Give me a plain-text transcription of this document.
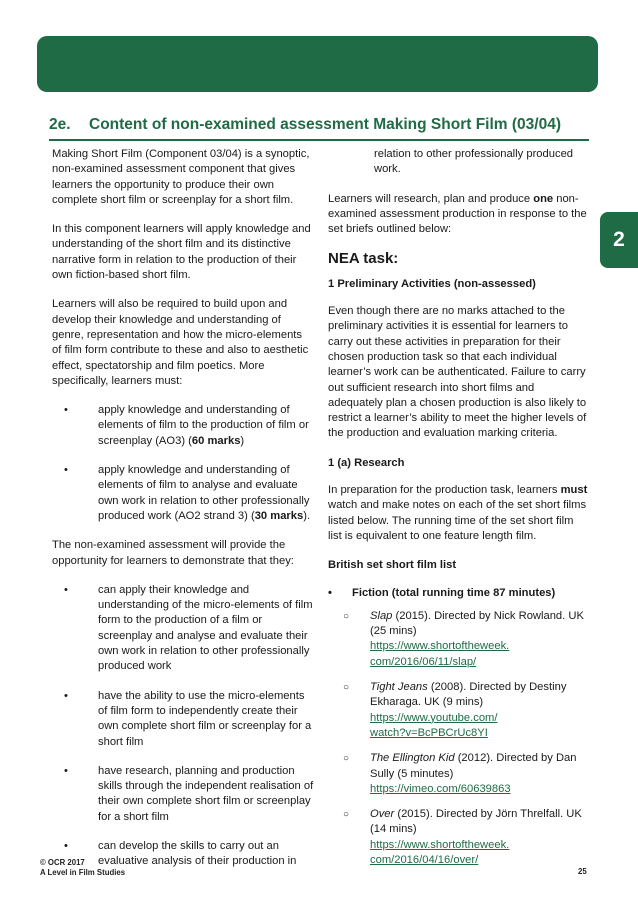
2e. Content of non-examined assessment Making Short Film (03/04)
2

Making Short Film (Component 03/04) is a synoptic, non-examined assessment component that gives learners the opportunity to produce their own complete short film or screenplay for a short film.

In this component learners will apply knowledge and understanding of the short film and its distinctive narrative form in relation to the production of their own fiction-based short film.

Learners will also be required to build upon and develop their knowledge and understanding of genre, representation and how the micro-elements of film form contribute to these and also to aesthetic effect, spectatorship and film poetics. More specifically, learners must:

•	apply knowledge and understanding of elements of film to the production of film or screenplay (AO3) (60 marks)
•	apply knowledge and understanding of elements of film to analyse and evaluate own work in relation to other professionally produced work (AO2 strand 3) (30 marks).

The non-examined assessment will provide the opportunity for learners to demonstrate that they:

•	can apply their knowledge and understanding of the micro-elements of film form to the production of a film or screenplay and analyse and evaluate their own work in relation to other professionally produced work
•	have the ability to use the micro-elements of film form to independently create their own complete short film or screenplay for a short film
•	have research, planning and production skills through the independent realisation of their own complete short film or screenplay for a short film
•	can develop the skills to carry out an evaluative analysis of their production in
relation to other professionally produced work.

Learners will research, plan and produce one non-examined assessment production in response to the set briefs outlined below:

NEA task:
1 Preliminary Activities (non-assessed)

Even though there are no marks attached to the preliminary activities it is essential for learners to carry out these activities in preparation for their chosen production task so that each individual learner’s work can be authenticated. Failure to carry out sufficient research into short films and adequately plan a chosen production is also likely to restrict a learner’s ability to meet the higher levels of the production and evaluation marking criteria.

1 (a) Research

In preparation for the production task, learners must watch and make notes on each of the set short films listed below. The running time of the set short film list is equivalent to one feature length film.

British set short film list
• Fiction (total running time 87 minutes)
○ Slap (2015). Directed by Nick Rowland. UK (25 mins)
https://www.shortoftheweek.
com/2016/06/11/slap/
○ Tight Jeans (2008). Directed by Destiny Ekharaga. UK (9 mins)
https://www.youtube.com/
watch?v=BcPBCrUc8YI
○ The Ellington Kid (2012). Directed by Dan Sully (5 minutes)
https://vimeo.com/60639863
○ Over (2015). Directed by Jörn Threlfall. UK (14 mins)
https://www.shortoftheweek.
com/2016/04/16/over/
© OCR 2017
A Level in Film Studies	25
